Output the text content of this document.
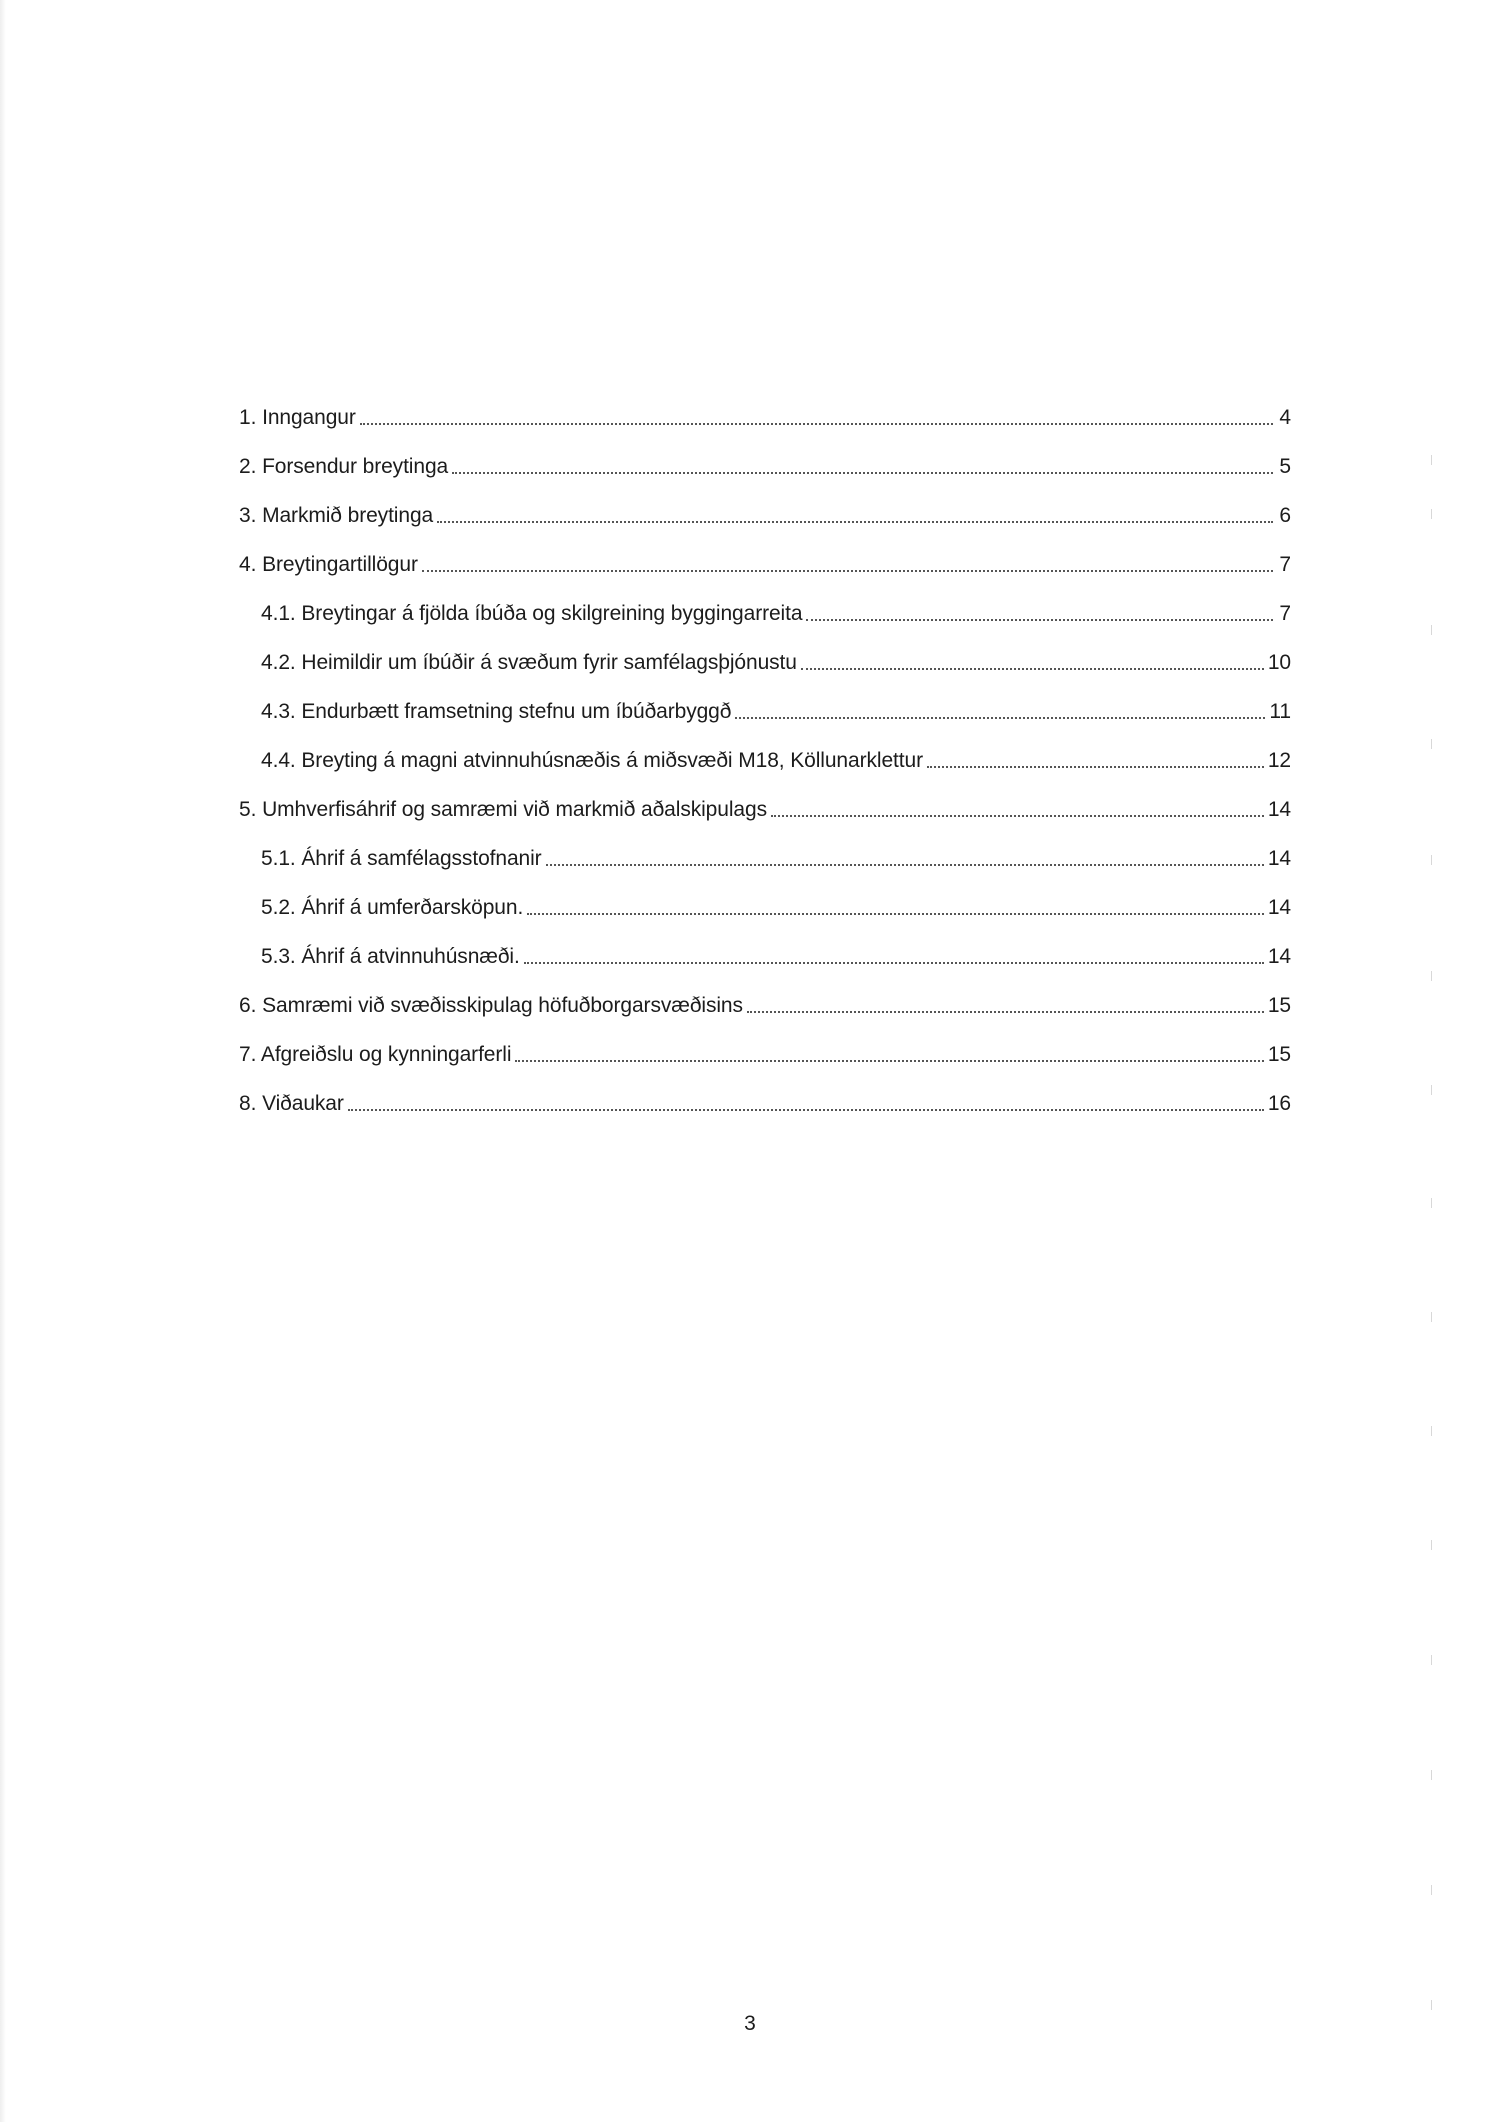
1. Inngangur	4
2. Forsendur breytinga	5
3. Markmið breytinga	6
4. Breytingartillögur	7
4.1. Breytingar á fjölda íbúða og skilgreining byggingarreita	7
4.2. Heimildir um íbúðir á svæðum fyrir samfélagsþjónustu	10
4.3. Endurbætt framsetning stefnu um íbúðarbyggð	11
4.4. Breyting á magni atvinnuhúsnæðis á miðsvæði M18, Köllunarklettur	12
5. Umhverfisáhrif og samræmi við markmið aðalskipulags	14
5.1. Áhrif á samfélagsstofnanir	14
5.2. Áhrif á umferðarsköpun.	14
5.3. Áhrif á atvinnuhúsnæði.	14
6. Samræmi við svæðisskipulag höfuðborgarsvæðisins	15
7. Afgreiðslu og kynningarferli	15
8. Viðaukar	16
3
